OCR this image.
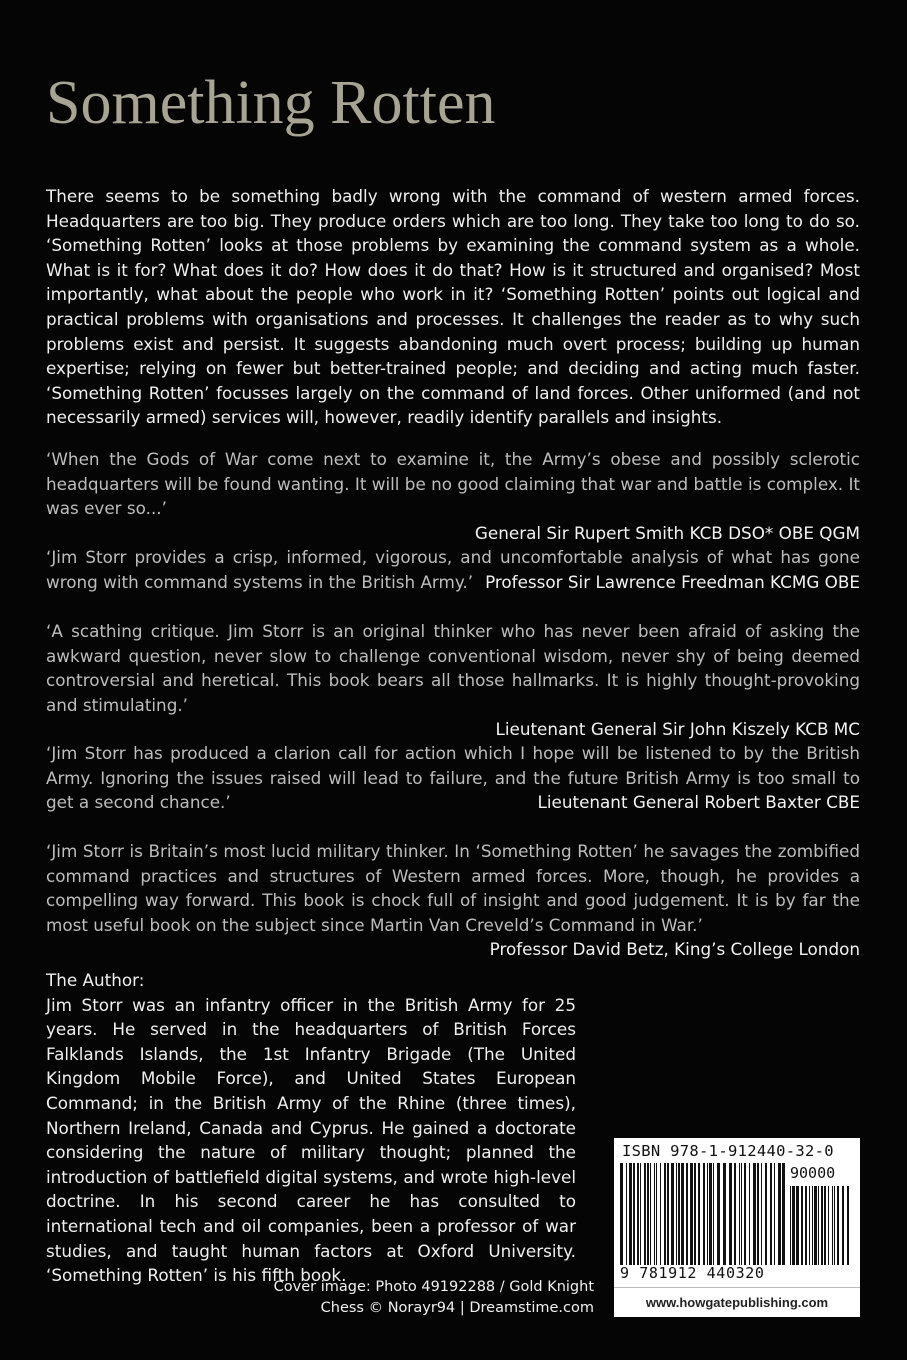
Something Rotten

There seems to be something badly wrong with the command of western armed forces. Headquarters are too big. They produce orders which are too long. They take too long to do so. ‘Something Rotten’ looks at those problems by examining the command system as a whole. What is it for? What does it do? How does it do that? How is it structured and organised? Most importantly, what about the people who work in it? ‘Something Rotten’ points out logical and practical problems with organisations and processes. It challenges the reader as to why such problems exist and persist. It suggests abandoning much overt process; building up human expertise; relying on fewer but better-trained people; and deciding and acting much faster. ‘Something Rotten’ focusses largely on the command of land forces. Other uniformed (and not necessarily armed) services will, however, readily identify parallels and insights.

‘When the Gods of War come next to examine it, the Army’s obese and possibly sclerotic headquarters will be found wanting. It will be no good claiming that war and battle is complex. It was ever so...’

General Sir Rupert Smith KCB DSO* OBE QGM

‘Jim Storr provides a crisp, informed, vigorous, and uncomfortable analysis of what has gone wrong with command systems in the British Army.’ Professor Sir Lawrence Freedman KCMG OBE

‘A scathing critique. Jim Storr is an original thinker who has never been afraid of asking the awkward question, never slow to challenge conventional wisdom, never shy of being deemed controversial and heretical. This book bears all those hallmarks. It is highly thought-provoking and stimulating.’

Lieutenant General Sir John Kiszely KCB MC

‘Jim Storr has produced a clarion call for action which I hope will be listened to by the British Army. Ignoring the issues raised will lead to failure, and the future British Army is too small to get a second chance.’	Lieutenant General Robert Baxter CBE

‘Jim Storr is Britain’s most lucid military thinker. In ‘Something Rotten’ he savages the zombified command practices and structures of Western armed forces. More, though, he provides a compelling way forward. This book is chock full of insight and good judgement. It is by far the most useful book on the subject since Martin Van Creveld’s Command in War.’

Professor David Betz, King’s College London

The Author:

Jim Storr was an infantry officer in the British Army for 25 years. He served in the headquarters of British Forces Falklands Islands, the 1st Infantry Brigade (The United Kingdom Mobile Force), and United States European Command; in the British Army of the Rhine (three times), Northern Ireland, Canada and Cyprus. He gained a doctorate considering the nature of military thought; planned the introduction of battlefield digital systems, and wrote high-level doctrine. In his second career he has consulted to international tech and oil companies, been a professor of war studies, and taught human factors at Oxford University. ‘Something Rotten’ is his fifth book.

Cover image: Photo 49192288 / Gold Knight
Chess © Norayr94 | Dreamstime.com

ISBN 978-1-912440-32-0

90000

9 781912 440320

www.howgatepublishing.com
